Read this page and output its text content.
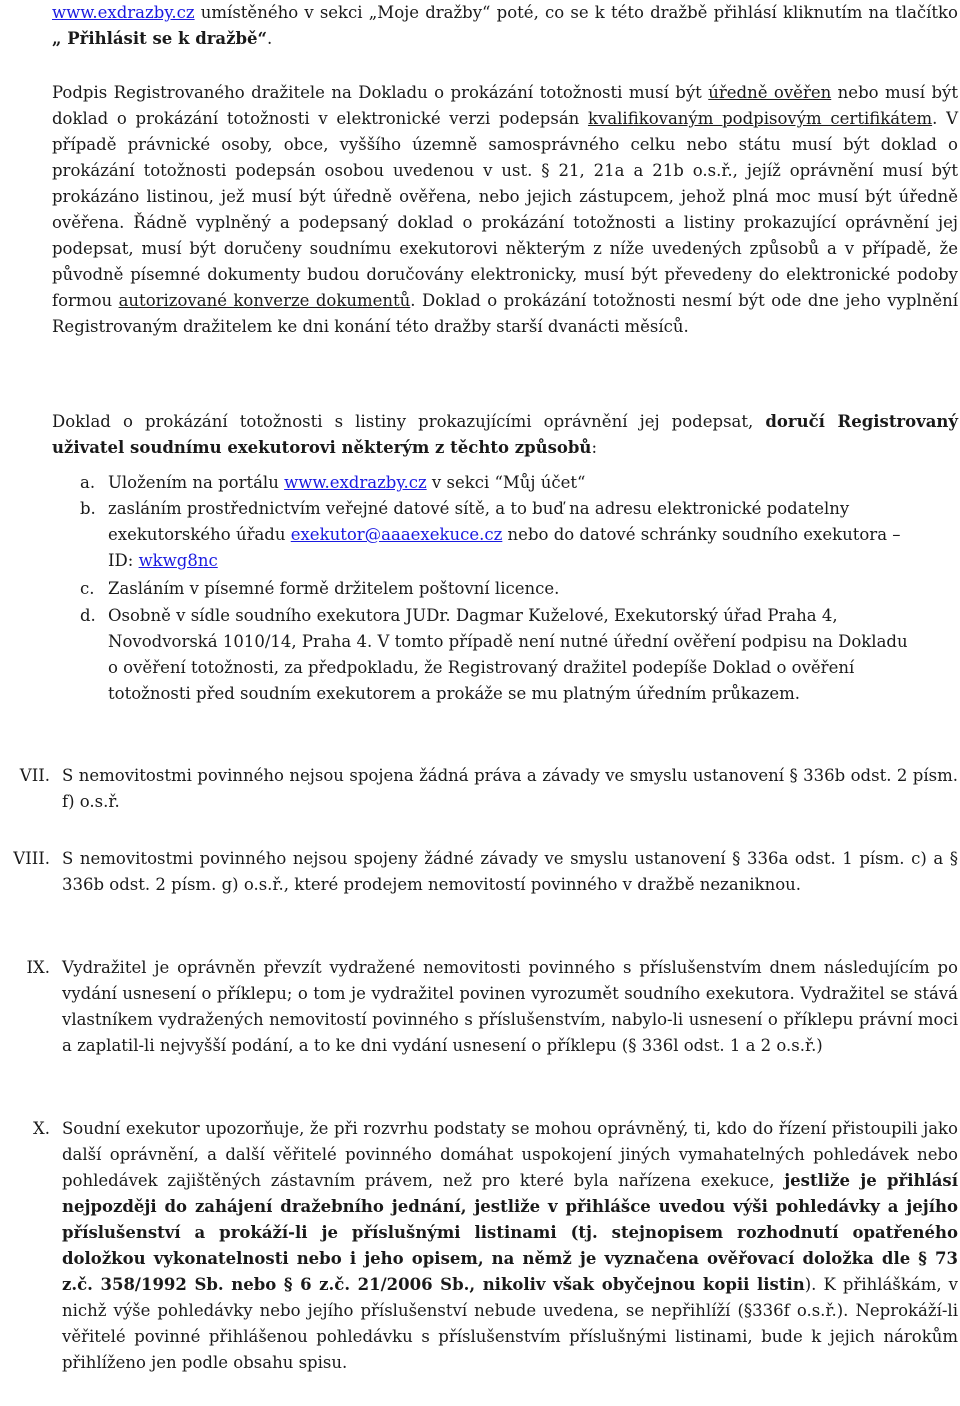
www.exdrazby.cz umístěného v sekci „Moje dražby“ poté, co se k této dražbě přihlásí kliknutím na tlačítko „ Přihlásit se k dražbě“.

Podpis Registrovaného dražitele na Dokladu o prokázání totožnosti musí být úředně ověřen nebo musí být doklad o prokázání totožnosti v elektronické verzi podepsán kvalifikovaným podpisovým certifikátem. V případě právnické osoby, obce, vyššího územně samosprávného celku nebo státu musí být doklad o prokázání totožnosti podepsán osobou uvedenou v ust. § 21, 21a a 21b o.s.ř., jejíž oprávnění musí být prokázáno listinou, jež musí být úředně ověřena, nebo jejich zástupcem, jehož plná moc musí být úředně ověřena. Řádně vyplněný a podepsaný doklad o prokázání totožnosti a listiny prokazující oprávnění jej podepsat, musí být doručeny soudnímu exekutorovi některým z níže uvedených způsobů a v případě, že původně písemné dokumenty budou doručovány elektronicky, musí být převedeny do elektronické podoby formou autorizované konverze dokumentů. Doklad o prokázání totožnosti nesmí být ode dne jeho vyplnění Registrovaným dražitelem ke dni konání této dražby starší dvanácti měsíců.

Doklad o prokázání totožnosti s listiny prokazujícími oprávnění jej podepsat, doručí Registrovaný uživatel soudnímu exekutorovi některým z těchto způsobů:

a. Uložením na portálu www.exdrazby.cz v sekci “Můj účet“
b. zasláním prostřednictvím veřejné datové sítě, a to buď na adresu elektronické podatelny exekutorského úřadu exekutor@aaaexekuce.cz nebo do datové schránky soudního exekutora – ID: wkwg8nc
c. Zasláním v písemné formě držitelem poštovní licence.
d. Osobně v sídle soudního exekutora JUDr. Dagmar Kuželové, Exekutorský úřad Praha 4, Novodvorská 1010/14, Praha 4. V tomto případě není nutné úřední ověření podpisu na Dokladu o ověření totožnosti, za předpokladu, že Registrovaný dražitel podepíše Doklad o ověření totožnosti před soudním exekutorem a prokáže se mu platným úředním průkazem.
VII. S nemovitostmi povinného nejsou spojena žádná práva a závady ve smyslu ustanovení § 336b odst. 2 písm. f) o.s.ř.
VIII. S nemovitostmi povinného nejsou spojeny žádné závady ve smyslu ustanovení § 336a odst. 1 písm. c) a § 336b odst. 2 písm. g) o.s.ř., které prodejem nemovitostí povinného v dražbě nezaniknou.
IX. Vydražitel je oprávněn převzít vydražené nemovitosti povinného s příslušenstvím dnem následujícím po vydání usnesení o příklepu; o tom je vydražitel povinen vyrozumět soudního exekutora. Vydražitel se stává vlastníkem vydražených nemovitostí povinného s příslušenstvím, nabylo-li usnesení o příklepu právní moci a zaplatil-li nejvyšší podání, a to ke dni vydání usnesení o příklepu (§ 336l odst. 1 a 2 o.s.ř.)
X. Soudní exekutor upozorňuje, že při rozvrhu podstaty se mohou oprávněný, ti, kdo do řízení přistoupili jako další oprávnění, a další věřitelé povinného domáhat uspokojení jiných vymahatelných pohledávek nebo pohledávek zajištěných zástavním právem, než pro které byla nařízena exekuce, jestliže je přihlásí nejpozději do zahájení dražebního jednání, jestliže v přihlášce uvedou výši pohledávky a jejího příslušenství a prokáží-li je příslušnými listinami (tj. stejnopisem rozhodnutí opatřeného doložkou vykonatelnosti nebo i jeho opisem, na němž je vyznačena ověřovací doložka dle § 73 z.č. 358/1992 Sb. nebo § 6 z.č. 21/2006 Sb., nikoliv však obyčejnou kopii listin). K přihláškám, v nichž výše pohledávky nebo jejího příslušenství nebude uvedena, se nepřihlíží (§336f o.s.ř.). Neprokáží-li věřitelé povinné přihlášenou pohledávku s příslušenstvím příslušnými listinami, bude k jejich nárokům přihlíženo jen podle obsahu spisu.
